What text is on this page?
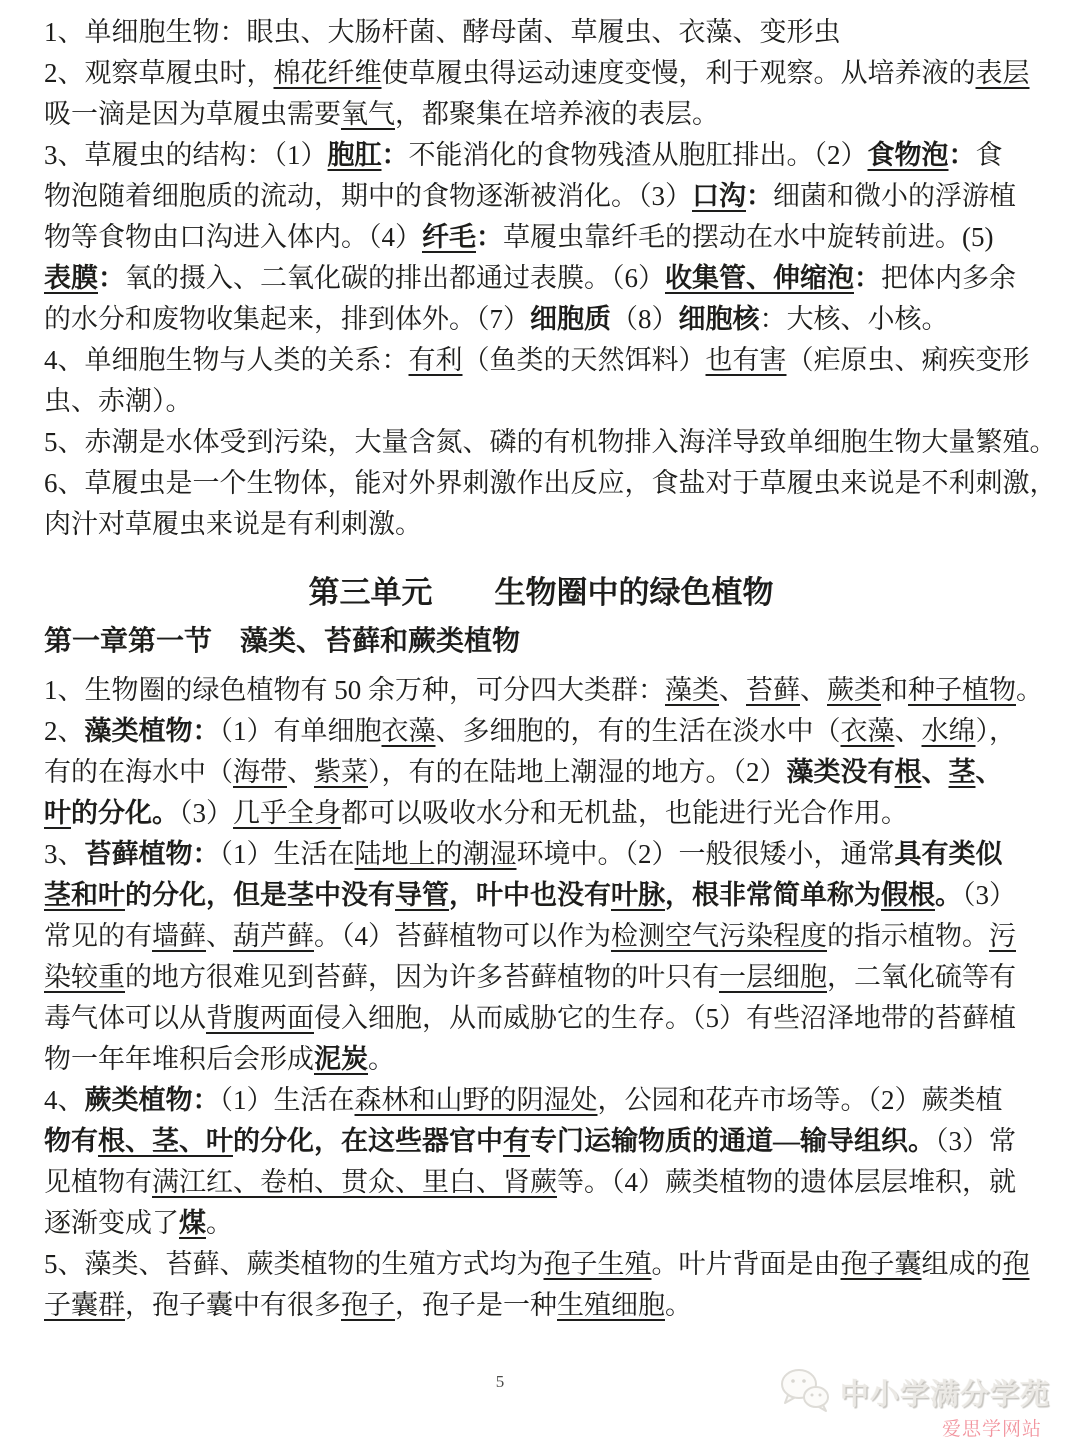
1、单细胞生物：眼虫、大肠杆菌、酵母菌、草履虫、衣藻、变形虫
2、观察草履虫时，棉花纤维使草履虫得运动速度变慢，利于观察。从培养液的表层
吸一滴是因为草履虫需要氧气，都聚集在培养液的表层。
3、草履虫的结构：（1）胞肛：不能消化的食物残渣从胞肛排出。（2）食物泡：食
物泡随着细胞质的流动，期中的食物逐渐被消化。（3）口沟：细菌和微小的浮游植
物等食物由口沟进入体内。（4）纤毛：草履虫靠纤毛的摆动在水中旋转前进。(5)
表膜：氧的摄入、二氧化碳的排出都通过表膜。（6）收集管、伸缩泡：把体内多余
的水分和废物收集起来，排到体外。（7）细胞质（8）细胞核：大核、小核。
4、单细胞生物与人类的关系：有利（鱼类的天然饵料）也有害（疟原虫、痢疾变形
虫、赤潮）。
5、赤潮是水体受到污染，大量含氮、磷的有机物排入海洋导致单细胞生物大量繁殖。
6、草履虫是一个生物体，能对外界刺激作出反应，食盐对于草履虫来说是不利刺激，
肉汁对草履虫来说是有利刺激。
第三单元　　生物圈中的绿色植物
第一章第一节　藻类、苔藓和蕨类植物
1、生物圈的绿色植物有 50 余万种，可分四大类群：藻类、苔藓、蕨类和种子植物。
2、藻类植物：（1）有单细胞衣藻、多细胞的，有的生活在淡水中（衣藻、水绵），
有的在海水中（海带、紫菜），有的在陆地上潮湿的地方。（2）藻类没有根、茎、
叶的分化。（3）几乎全身都可以吸收水分和无机盐，也能进行光合作用。
3、苔藓植物：（1）生活在陆地上的潮湿环境中。（2）一般很矮小，通常具有类似
茎和叶的分化，但是茎中没有导管，叶中也没有叶脉，根非常简单称为假根。（3）
常见的有墙藓、葫芦藓。（4）苔藓植物可以作为检测空气污染程度的指示植物。污
染较重的地方很难见到苔藓，因为许多苔藓植物的叶只有一层细胞，二氧化硫等有
毒气体可以从背腹两面侵入细胞，从而威胁它的生存。（5）有些沼泽地带的苔藓植
物一年年堆积后会形成泥炭。
4、蕨类植物：（1）生活在森林和山野的阴湿处，公园和花卉市场等。（2）蕨类植
物有根、茎、叶的分化，在这些器官中有专门运输物质的通道—输导组织。（3）常
见植物有满江红、卷柏、贯众、里白、肾蕨等。（4）蕨类植物的遗体层层堆积，就
逐渐变成了煤。
5、藻类、苔藓、蕨类植物的生殖方式均为孢子生殖。叶片背面是由孢子囊组成的孢
子囊群，孢子囊中有很多孢子，孢子是一种生殖细胞。
5	中小学满分学苑
爱思学网站
